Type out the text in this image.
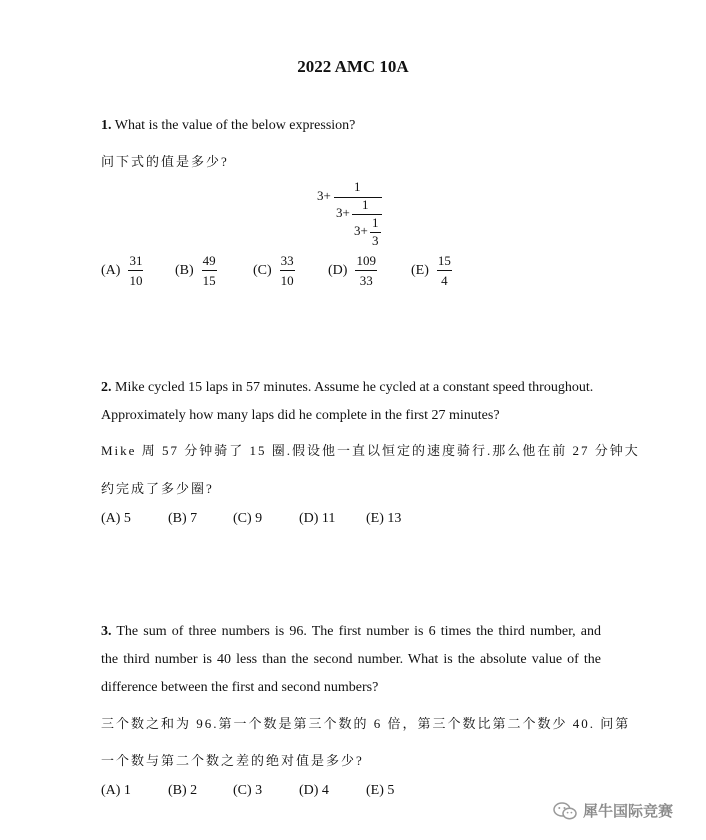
2022 AMC 10A
1. What is the value of the below expression?
问下式的值是多少?
3+
1
3+
1
3+
1
3
$(A) \frac{31}{10} (B) \frac{49}{15}$	$(C) \frac{33}{10} (D) \frac{109}{33} (E) \frac{15}{4}$
2. Mike cycled 15 laps in 57 minutes. Assume he cycled at a constant speed throughout.
Approximately how many laps did he complete in the first 27 minutes?
Mike 周 57 分钟骑了 15 圈.假设他一直以恒定的速度骑行.那么他在前 27 分钟大
约完成了多少圈?
(A) 5	(B) 7	(C) 9	(D) 11 (E) 13
3. The sum of three numbers is 96. The first number is 6 times the third number, and
the third number is 40 less than the second number. What is the absolute value of the
difference between the first and second numbers?
三个数之和为 96.第一个数是第三个数的 6 倍，第三个数比第二个数少 40. 问第
一个数与第二个数之差的绝对值是多少?
(A) 1	(B) 2	(C) 3	(D) 4	(E) 5
犀牛国际竞赛
